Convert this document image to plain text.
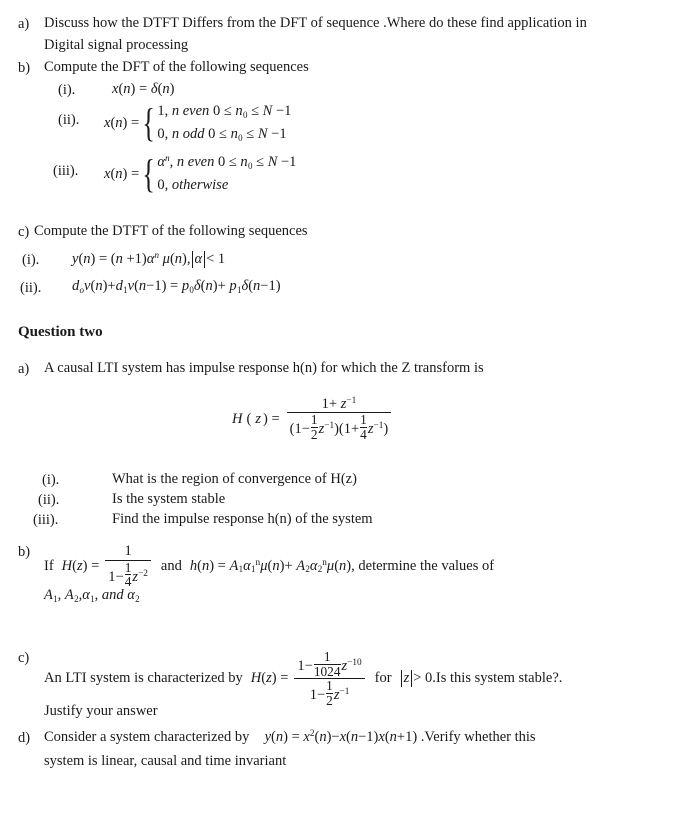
a) Discuss how the DTFT Differs from the DFT of sequence .Where do these find application in
Digital signal processing
b) Compute the DFT of the following sequences
(i).	x(n) = δ(n)
(ii). x ( n ) = { 1, n even $0 \le n_0 \le N -1$
0, n odd $0 \le n_0 \le N -1$
(iii). x ( n ) = { $\alpha^n$, n even $0 \le n_0 \le N -1$
0, otherwise
c) Compute the DTFT of the following sequences
(i). $y(n) = (n +1)\alpha^n$ μ(n), α < 1
(ii). $d_ov(n)+d_1v(n-1) = p_0\delta(n)+ p_1\delta(n-1)$
Question two
a) A causal LTI system has impulse response h(n) for which the Z transform is
H ( z ) = $\frac{1+ z^{-1}}{(1- \frac{1}{2} z^{-1})(1+ \frac{1}{4} z^{-1})}$
(i).	What is the region of convergence of H(z)
(ii).	Is the system stable
(iii).	Find the impulse response h(n) of the system
b)
If H ( z ) = $\frac{1}{1- \frac{1}{4} z^{-2}}$ and h ( n ) = $A_1$ $\alpha_1^n$ μ ( n )+ $A_2$ $\alpha_2^n$ μ ( n ) , determine the values of
$A_1$, $A_2,\alpha_1$, and $\alpha_2$
c)
An LTI system is characterized by H ( z ) = $\frac{1- \frac{1}{1024} z^{-10}}{1- \frac{1}{2} z^{-1}}$ for z > 0 .Is this system stable?.
Justify your answer
d) Consider a system characterized by $y(n) = x^2(n)-x(n-1)x(n+1)$ .Verify whether this
system is linear, causal and time invariant
